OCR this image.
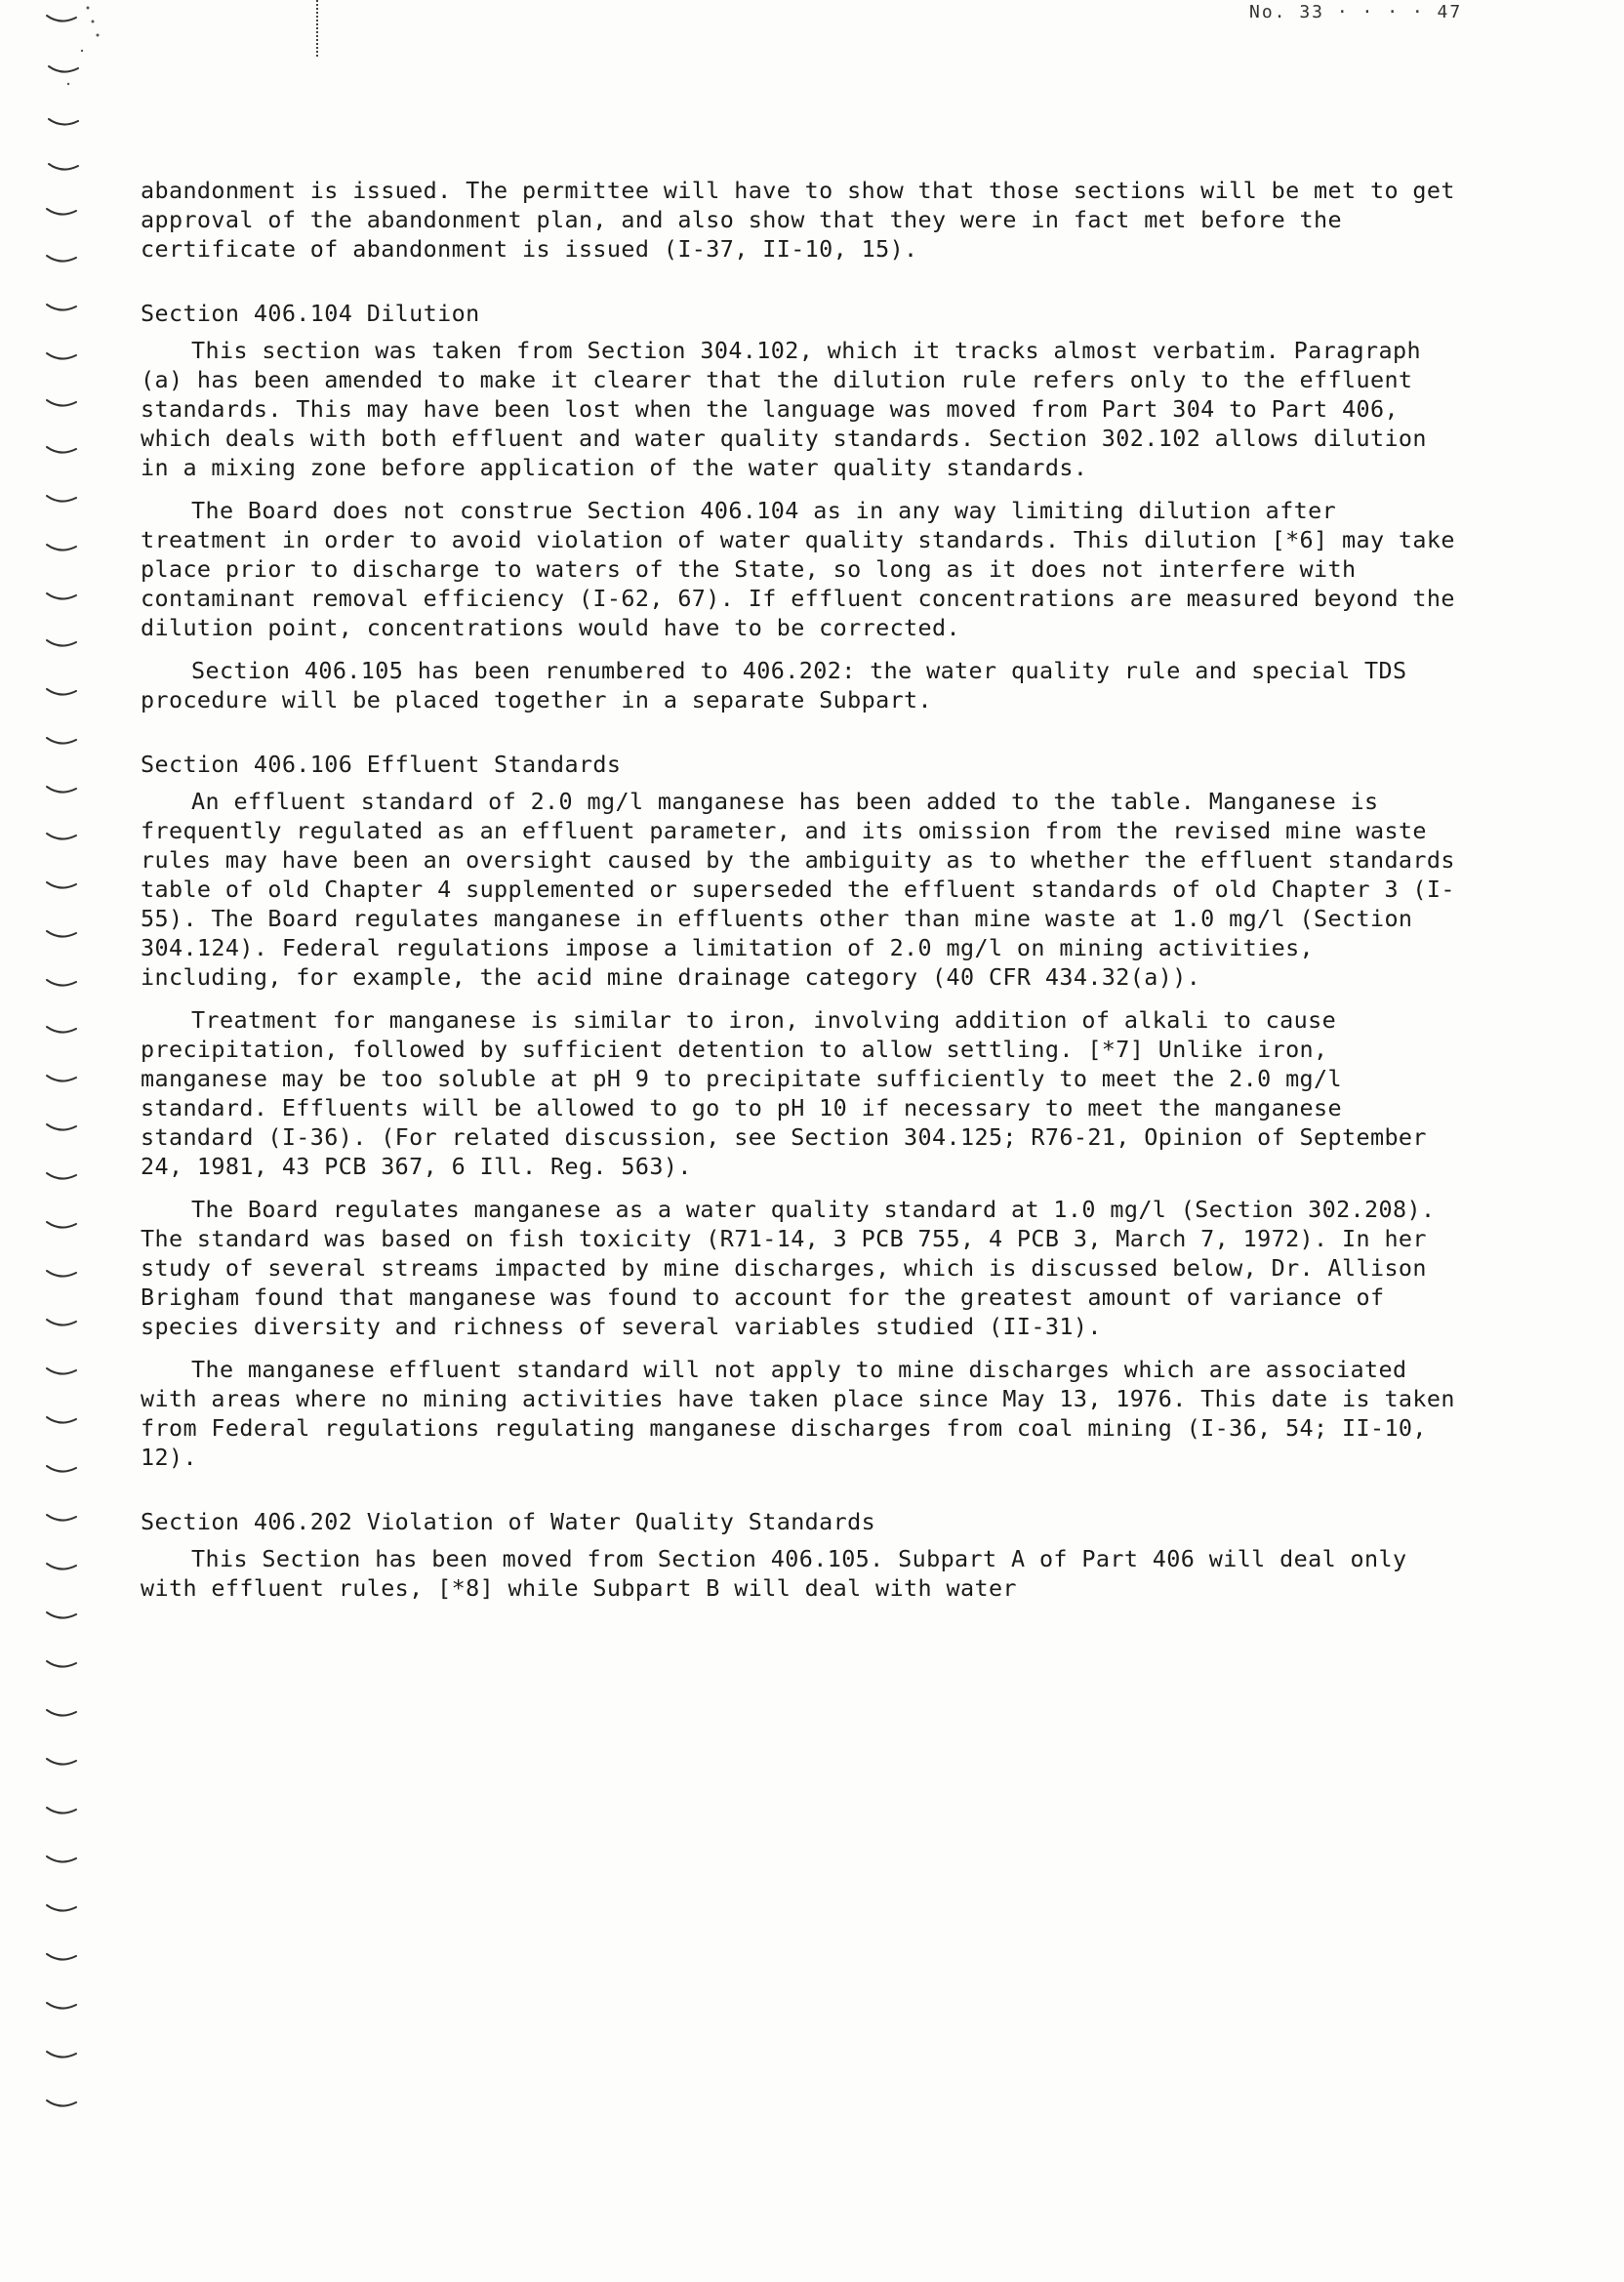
No. 33 · · · · 47

abandonment is issued. The permittee will have to show that those sections will be met to get approval of the abandonment plan, and also show that they were in fact met before the certificate of abandonment is issued (I-37, II-10, 15).

Section 406.104 Dilution

This section was taken from Section 304.102, which it tracks almost verbatim. Paragraph (a) has been amended to make it clearer that the dilution rule refers only to the effluent standards. This may have been lost when the language was moved from Part 304 to Part 406, which deals with both effluent and water quality standards. Section 302.102 allows dilution in a mixing zone before application of the water quality standards.

The Board does not construe Section 406.104 as in any way limiting dilution after treatment in order to avoid violation of water quality standards. This dilution [*6] may take place prior to discharge to waters of the State, so long as it does not interfere with contaminant removal efficiency (I-62, 67). If effluent concentrations are measured beyond the dilution point, concentrations would have to be corrected.

Section 406.105 has been renumbered to 406.202: the water quality rule and special TDS procedure will be placed together in a separate Subpart.

Section 406.106 Effluent Standards

An effluent standard of 2.0 mg/l manganese has been added to the table. Manganese is frequently regulated as an effluent parameter, and its omission from the revised mine waste rules may have been an oversight caused by the ambiguity as to whether the effluent standards table of old Chapter 4 supplemented or superseded the effluent standards of old Chapter 3 (I-55). The Board regulates manganese in effluents other than mine waste at 1.0 mg/l (Section 304.124). Federal regulations impose a limitation of 2.0 mg/l on mining activities, including, for example, the acid mine drainage category (40 CFR 434.32(a)).

Treatment for manganese is similar to iron, involving addition of alkali to cause precipitation, followed by sufficient detention to allow settling. [*7] Unlike iron, manganese may be too soluble at pH 9 to precipitate sufficiently to meet the 2.0 mg/l standard. Effluents will be allowed to go to pH 10 if necessary to meet the manganese standard (I-36). (For related discussion, see Section 304.125; R76-21, Opinion of September 24, 1981, 43 PCB 367, 6 Ill. Reg. 563).

The Board regulates manganese as a water quality standard at 1.0 mg/l (Section 302.208). The standard was based on fish toxicity (R71-14, 3 PCB 755, 4 PCB 3, March 7, 1972). In her study of several streams impacted by mine discharges, which is discussed below, Dr. Allison Brigham found that manganese was found to account for the greatest amount of variance of species diversity and richness of several variables studied (II-31).

The manganese effluent standard will not apply to mine discharges which are associated with areas where no mining activities have taken place since May 13, 1976. This date is taken from Federal regulations regulating manganese discharges from coal mining (I-36, 54; II-10, 12).

Section 406.202 Violation of Water Quality Standards

This Section has been moved from Section 406.105. Subpart A of Part 406 will deal only with effluent rules, [*8] while Subpart B will deal with water
